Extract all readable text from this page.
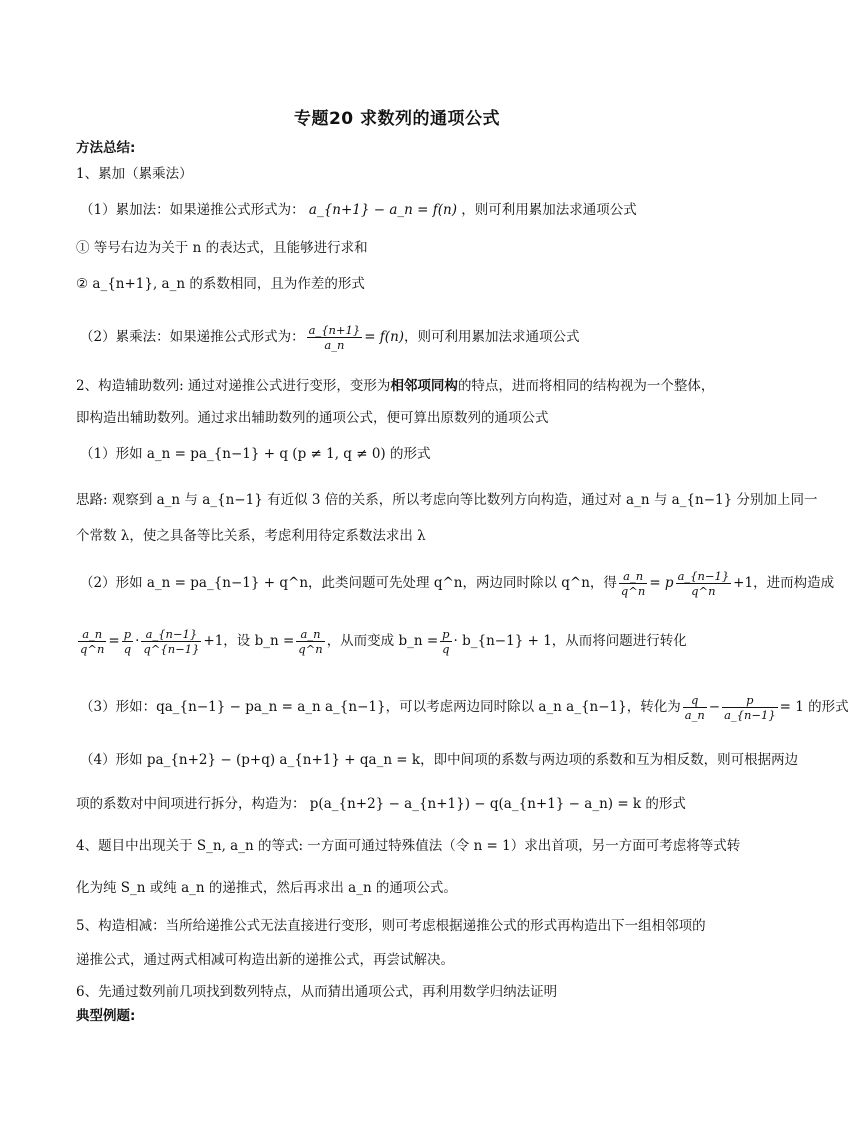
专题20 求数列的通项公式
方法总结:
1、累加（累乘法）
（1）累加法：如果递推公式形式为： a_{n+1} − a_n = f(n) ，则可利用累加法求通项公式
① 等号右边为关于 n 的表达式，且能够进行求和
② a_{n+1}, a_n 的系数相同，且为作差的形式
（2）累乘法：如果递推公式形式为： $\frac{a\_\{n+1\}}{a\_n} = f(n)$，则可利用累加法求通项公式
2、构造辅助数列: 通过对递推公式进行变形，变形为相邻项同构的特点，进而将相同的结构视为一个整体，
即构造出辅助数列。通过求出辅助数列的通项公式，便可算出原数列的通项公式
（1）形如 a_n = pa_{n−1} + q (p ≠ 1, q ≠ 0) 的形式
思路: 观察到 a_n 与 a_{n−1} 有近似 3 倍的关系，所以考虑向等比数列方向构造，通过对 a_n 与 a_{n−1} 分别加上同一
个常数 λ，使之具备等比关系，考虑利用待定系数法求出 λ
（2）形如 a_n = pa_{n−1} + q^n，此类问题可先处理 q^n，两边同时除以 q^n，得 $\frac{a\_n}{q\^{}n} = p \frac{a\_\{n-1\}}{q\^{}n} +1$，进而构造成
$\frac{a\_n}{q\^{}n} = \frac{p}{q} \cdot \frac{a\_\{n-1\}}{q\^{}\{n-1\}} +1$，设 b_n = $\frac{a\_n}{q\^{}n}$ ，从而变成 b_n = $\frac{p}{q}$ · b_{n−1} + 1，从而将问题进行转化
（3）形如：qa_{n−1} − pa_n = a_n a_{n−1}，可以考虑两边同时除以 a_n a_{n−1}，转化为 $\frac{q}{a\_n} - \frac{p}{a\_\{n-1\}} = 1$ 的形式
（4）形如 pa_{n+2} − (p+q) a_{n+1} + qa_n = k，即中间项的系数与两边项的系数和互为相反数，则可根据两边
项的系数对中间项进行拆分，构造为： p(a_{n+2} − a_{n+1}) − q(a_{n+1} − a_n) = k 的形式
4、题目中出现关于 S_n, a_n 的等式: 一方面可通过特殊值法（令 n = 1）求出首项，另一方面可考虑将等式转
化为纯 S_n 或纯 a_n 的递推式，然后再求出 a_n 的通项公式。
5、构造相减：当所给递推公式无法直接进行变形，则可考虑根据递推公式的形式再构造出下一组相邻项的
递推公式，通过两式相减可构造出新的递推公式，再尝试解决。
6、先通过数列前几项找到数列特点，从而猜出通项公式，再利用数学归纳法证明
典型例题:
